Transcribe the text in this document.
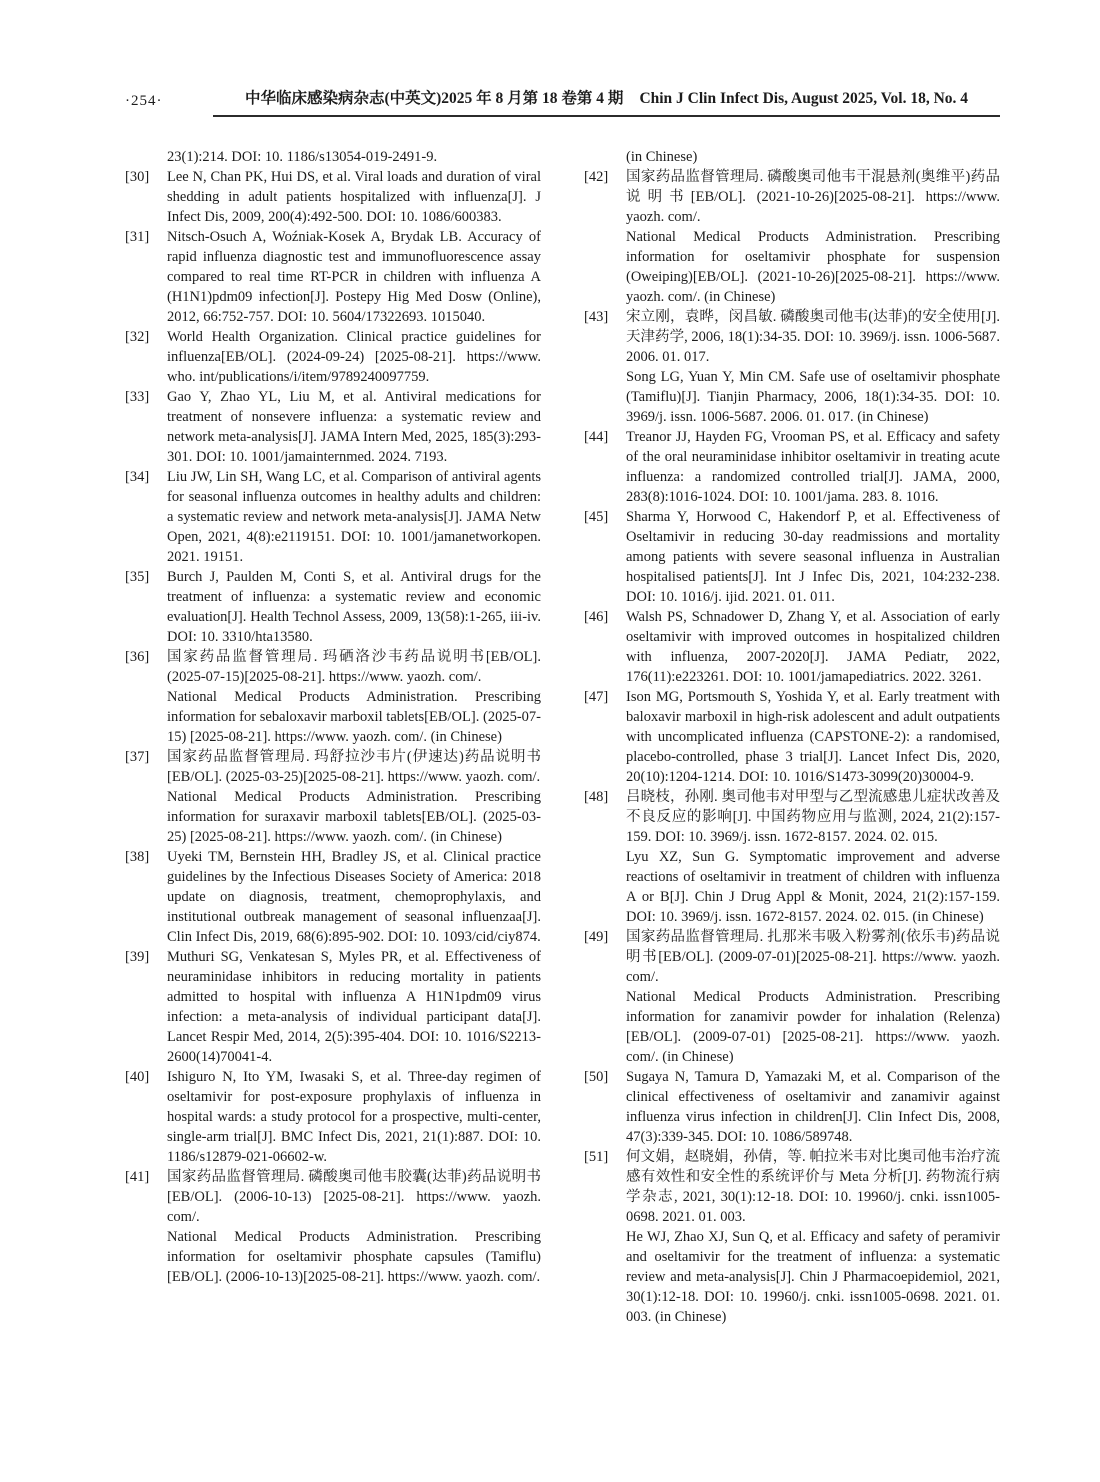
·254·	中华临床感染病杂志(中英文)2025 年 8 月第 18 卷第 4 期 Chin J Clin Infect Dis, August 2025, Vol. 18, No. 4

23(1):214. DOI: 10. 1186/s13054-019-2491-9.

[30]	Lee N, Chan PK, Hui DS, et al. Viral loads and duration of viral shedding in adult patients hospitalized with influenza[J]. J Infect Dis, 2009, 200(4):492-500. DOI: 10. 1086/600383.

[31]	Nitsch-Osuch A, Woźniak-Kosek A, Brydak LB. Accuracy of rapid influenza diagnostic test and immunofluorescence assay compared to real time RT-PCR in children with influenza A (H1N1)pdm09 infection[J]. Postepy Hig Med Dosw (Online), 2012, 66:752-757. DOI: 10. 5604/17322693. 1015040.

[32]	World Health Organization. Clinical practice guidelines for influenza[EB/OL]. (2024-09-24) [2025-08-21]. https://www. who. int/publications/i/item/9789240097759.

[33]	Gao Y, Zhao YL, Liu M, et al. Antiviral medications for treatment of nonsevere influenza: a systematic review and network meta-analysis[J]. JAMA Intern Med, 2025, 185(3):293-301. DOI: 10. 1001/jamainternmed. 2024. 7193.

[34]	Liu JW, Lin SH, Wang LC, et al. Comparison of antiviral agents for seasonal influenza outcomes in healthy adults and children: a systematic review and network meta-analysis[J]. JAMA Netw Open, 2021, 4(8):e2119151. DOI: 10. 1001/jamanetworkopen. 2021. 19151.

[35]	Burch J, Paulden M, Conti S, et al. Antiviral drugs for the treatment of influenza: a systematic review and economic evaluation[J]. Health Technol Assess, 2009, 13(58):1-265, iii-iv. DOI: 10. 3310/hta13580.

[36]	国家药品监督管理局. 玛硒洛沙韦药品说明书[EB/OL]. (2025-07-15)[2025-08-21]. https://www. yaozh. com/.

National Medical Products Administration. Prescribing information for sebaloxavir marboxil tablets[EB/OL]. (2025-07-15) [2025-08-21]. https://www. yaozh. com/. (in Chinese)

[37]	国家药品监督管理局. 玛舒拉沙韦片(伊速达)药品说明书[EB/OL]. (2025-03-25)[2025-08-21]. https://www. yaozh. com/.

National Medical Products Administration. Prescribing information for suraxavir marboxil tablets[EB/OL]. (2025-03-25) [2025-08-21]. https://www. yaozh. com/. (in Chinese)

[38]	Uyeki TM, Bernstein HH, Bradley JS, et al. Clinical practice guidelines by the Infectious Diseases Society of America: 2018 update on diagnosis, treatment, chemoprophylaxis, and institutional outbreak management of seasonal influenzaa[J]. Clin Infect Dis, 2019, 68(6):895-902. DOI: 10. 1093/cid/ciy874.

[39]	Muthuri SG, Venkatesan S, Myles PR, et al. Effectiveness of neuraminidase inhibitors in reducing mortality in patients admitted to hospital with influenza A H1N1pdm09 virus infection: a meta-analysis of individual participant data[J]. Lancet Respir Med, 2014, 2(5):395-404. DOI: 10. 1016/S2213-2600(14)70041-4.

[40]	Ishiguro N, Ito YM, Iwasaki S, et al. Three-day regimen of oseltamivir for post-exposure prophylaxis of influenza in hospital wards: a study protocol for a prospective, multi-center, single-arm trial[J]. BMC Infect Dis, 2021, 21(1):887. DOI: 10. 1186/s12879-021-06602-w.

[41]	国家药品监督管理局. 磷酸奥司他韦胶囊(达菲)药品说明书[EB/OL]. (2006-10-13) [2025-08-21]. https://www. yaozh. com/.

National Medical Products Administration. Prescribing information for oseltamivir phosphate capsules (Tamiflu)[EB/OL]. (2006-10-13)[2025-08-21]. https://www. yaozh. com/.

(in Chinese)

[42]	国家药品监督管理局. 磷酸奥司他韦干混悬剂(奥维平)药品说明书[EB/OL]. (2021-10-26)[2025-08-21]. https://www. yaozh. com/.

National Medical Products Administration. Prescribing information for oseltamivir phosphate for suspension (Oweiping)[EB/OL]. (2021-10-26)[2025-08-21]. https://www. yaozh. com/. (in Chinese)

[43]	宋立刚，袁晔，闵昌敏. 磷酸奥司他韦(达菲)的安全使用[J]. 天津药学, 2006, 18(1):34-35. DOI: 10. 3969/j. issn. 1006-5687. 2006. 01. 017.

Song LG, Yuan Y, Min CM. Safe use of oseltamivir phosphate (Tamiflu)[J]. Tianjin Pharmacy, 2006, 18(1):34-35. DOI: 10. 3969/j. issn. 1006-5687. 2006. 01. 017. (in Chinese)

[44]	Treanor JJ, Hayden FG, Vrooman PS, et al. Efficacy and safety of the oral neuraminidase inhibitor oseltamivir in treating acute influenza: a randomized controlled trial[J]. JAMA, 2000, 283(8):1016-1024. DOI: 10. 1001/jama. 283. 8. 1016.

[45]	Sharma Y, Horwood C, Hakendorf P, et al. Effectiveness of Oseltamivir in reducing 30-day readmissions and mortality among patients with severe seasonal influenza in Australian hospitalised patients[J]. Int J Infec Dis, 2021, 104:232-238. DOI: 10. 1016/j. ijid. 2021. 01. 011.

[46]	Walsh PS, Schnadower D, Zhang Y, et al. Association of early oseltamivir with improved outcomes in hospitalized children with influenza, 2007-2020[J]. JAMA Pediatr, 2022, 176(11):e223261. DOI: 10. 1001/jamapediatrics. 2022. 3261.

[47]	Ison MG, Portsmouth S, Yoshida Y, et al. Early treatment with baloxavir marboxil in high-risk adolescent and adult outpatients with uncomplicated influenza (CAPSTONE-2): a randomised, placebo-controlled, phase 3 trial[J]. Lancet Infect Dis, 2020, 20(10):1204-1214. DOI: 10. 1016/S1473-3099(20)30004-9.

[48]	吕晓枝，孙刚. 奥司他韦对甲型与乙型流感患儿症状改善及不良反应的影响[J]. 中国药物应用与监测, 2024, 21(2):157-159. DOI: 10. 3969/j. issn. 1672-8157. 2024. 02. 015.

Lyu XZ, Sun G. Symptomatic improvement and adverse reactions of oseltamivir in treatment of children with influenza A or B[J]. Chin J Drug Appl & Monit, 2024, 21(2):157-159. DOI: 10. 3969/j. issn. 1672-8157. 2024. 02. 015. (in Chinese)

[49]	国家药品监督管理局. 扎那米韦吸入粉雾剂(依乐韦)药品说明书[EB/OL]. (2009-07-01)[2025-08-21]. https://www. yaozh. com/.

National Medical Products Administration. Prescribing information for zanamivir powder for inhalation (Relenza)[EB/OL]. (2009-07-01) [2025-08-21]. https://www. yaozh. com/. (in Chinese)

[50]	Sugaya N, Tamura D, Yamazaki M, et al. Comparison of the clinical effectiveness of oseltamivir and zanamivir against influenza virus infection in children[J]. Clin Infect Dis, 2008, 47(3):339-345. DOI: 10. 1086/589748.

[51]	何文娟，赵晓娟，孙倩，等. 帕拉米韦对比奥司他韦治疗流感有效性和安全性的系统评价与 Meta 分析[J]. 药物流行病学杂志, 2021, 30(1):12-18. DOI: 10. 19960/j. cnki. issn1005-0698. 2021. 01. 003.

He WJ, Zhao XJ, Sun Q, et al. Efficacy and safety of peramivir and oseltamivir for the treatment of influenza: a systematic review and meta-analysis[J]. Chin J Pharmacoepidemiol, 2021, 30(1):12-18. DOI: 10. 19960/j. cnki. issn1005-0698. 2021. 01. 003. (in Chinese)
